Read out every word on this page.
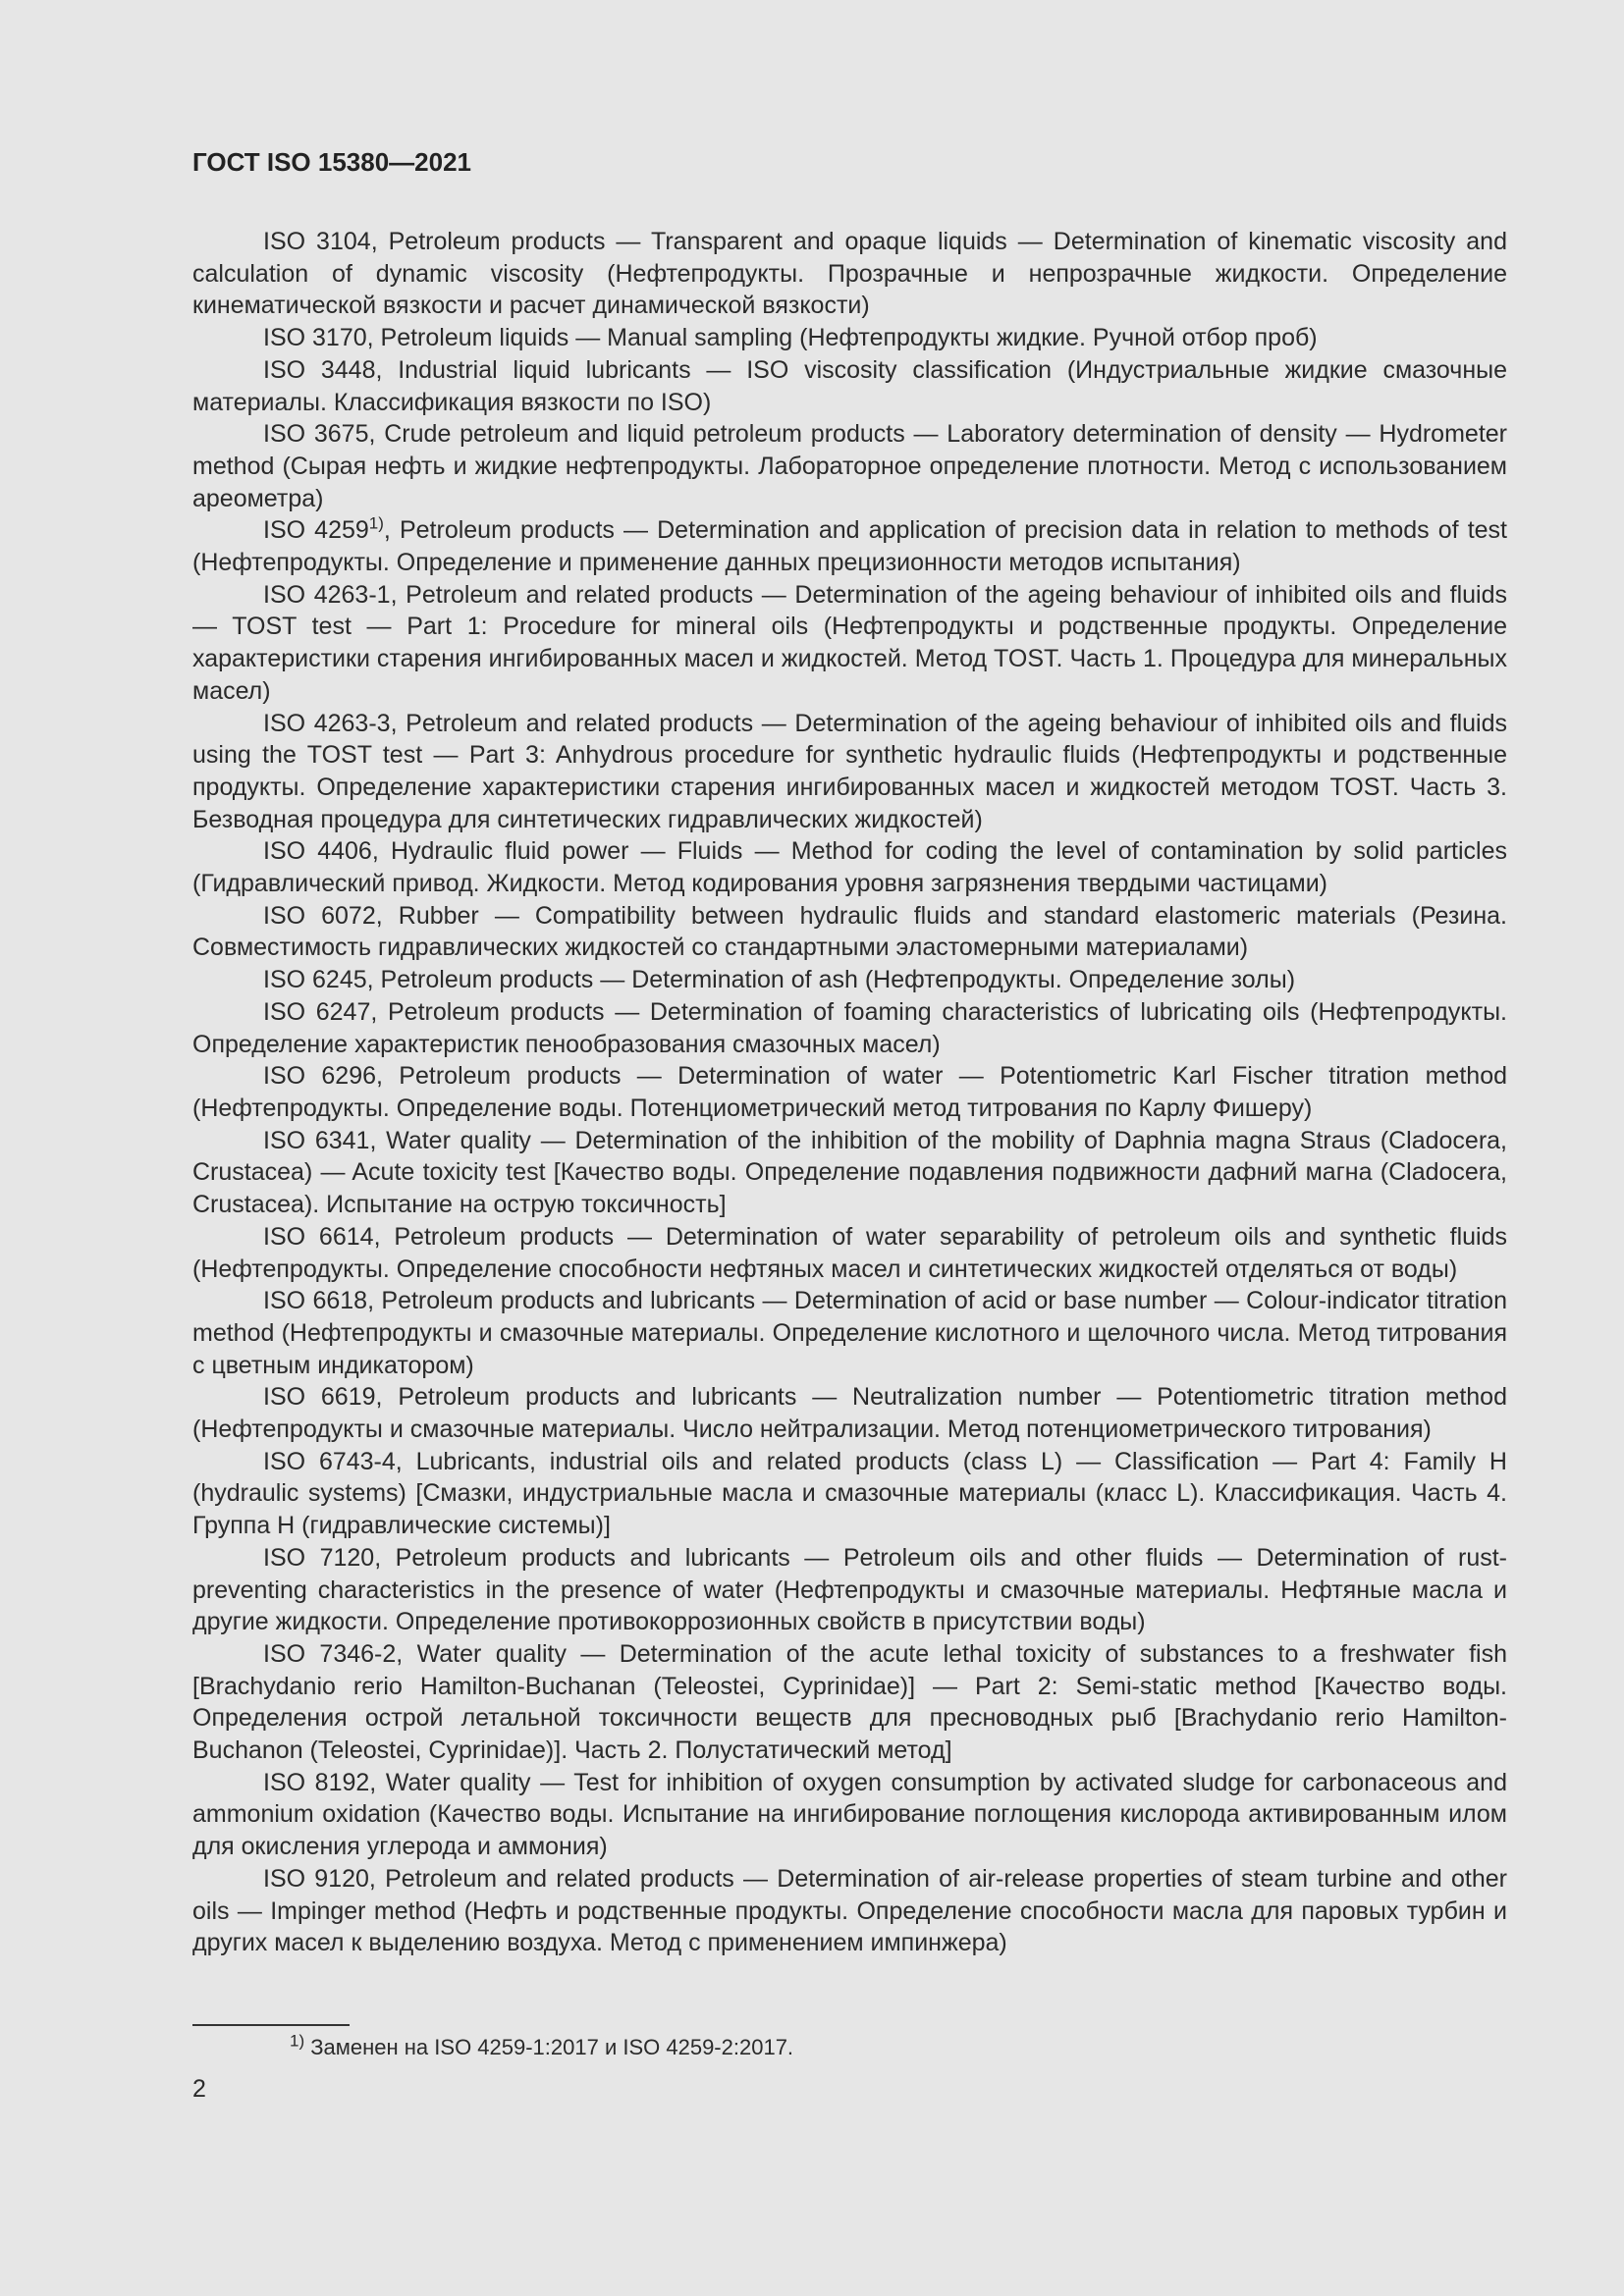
ГОСТ ISO 15380—2021

ISO 3104, Petroleum products — Transparent and opaque liquids — Determination of kinematic viscosity and calculation of dynamic viscosity (Нефтепродукты. Прозрачные и непрозрачные жидкости. Определение кинематической вязкости и расчет динамической вязкости)

ISO 3170, Petroleum liquids — Manual sampling (Нефтепродукты жидкие. Ручной отбор проб)

ISO 3448, Industrial liquid lubricants — ISO viscosity classification (Индустриальные жидкие смазочные материалы. Классификация вязкости по ISO)

ISO 3675, Crude petroleum and liquid petroleum products — Laboratory determination of density — Hydrometer method (Сырая нефть и жидкие нефтепродукты. Лабораторное определение плотности. Метод с использованием ареометра)

ISO 4259$^{1)}$, Petroleum products — Determination and application of precision data in relation to methods of test (Нефтепродукты. Определение и применение данных прецизионности методов испытания)

ISO 4263-1, Petroleum and related products — Determination of the ageing behaviour of inhibited oils and fluids — TOST test — Part 1: Procedure for mineral oils (Нефтепродукты и родственные продукты. Определение характеристики старения ингибированных масел и жидкостей. Метод TOST. Часть 1. Процедура для минеральных масел)

ISO 4263-3, Petroleum and related products — Determination of the ageing behaviour of inhibited oils and fluids using the TOST test — Part 3: Anhydrous procedure for synthetic hydraulic fluids (Нефтепродукты и родственные продукты. Определение характеристики старения ингибированных масел и жидкостей методом TOST. Часть 3. Безводная процедура для синтетических гидравлических жидкостей)

ISO 4406, Hydraulic fluid power — Fluids — Method for coding the level of contamination by solid particles (Гидравлический привод. Жидкости. Метод кодирования уровня загрязнения твердыми частицами)

ISO 6072, Rubber — Compatibility between hydraulic fluids and standard elastomeric materials (Резина. Совместимость гидравлических жидкостей со стандартными эластомерными материалами)

ISO 6245, Petroleum products — Determination of ash (Нефтепродукты. Определение золы)

ISO 6247, Petroleum products — Determination of foaming characteristics of lubricating oils (Нефтепродукты. Определение характеристик пенообразования смазочных масел)

ISO 6296, Petroleum products — Determination of water — Potentiometric Karl Fischer titration method (Нефтепродукты. Определение воды. Потенциометрический метод титрования по Карлу Фишеру)

ISO 6341, Water quality — Determination of the inhibition of the mobility of Daphnia magna Straus (Cladocera, Crustacea) — Acute toxicity test [Качество воды. Определение подавления подвижности дафний магна (Cladocera, Crustacea). Испытание на острую токсичность]

ISO 6614, Petroleum products — Determination of water separability of petroleum oils and synthetic fluids (Нефтепродукты. Определение способности нефтяных масел и синтетических жидкостей отделяться от воды)

ISO 6618, Petroleum products and lubricants — Determination of acid or base number — Colour-indicator titration method (Нефтепродукты и смазочные материалы. Определение кислотного и щелочного числа. Метод титрования с цветным индикатором)

ISO 6619, Petroleum products and lubricants — Neutralization number — Potentiometric titration method (Нефтепродукты и смазочные материалы. Число нейтрализации. Метод потенциометрического титрования)

ISO 6743-4, Lubricants, industrial oils and related products (class L) — Classification — Part 4: Family H (hydraulic systems) [Смазки, индустриальные масла и смазочные материалы (класс L). Классификация. Часть 4. Группа H (гидравлические системы)]

ISO 7120, Petroleum products and lubricants — Petroleum oils and other fluids — Determination of rust-preventing characteristics in the presence of water (Нефтепродукты и смазочные материалы. Нефтяные масла и другие жидкости. Определение противокоррозионных свойств в присутствии воды)

ISO 7346-2, Water quality — Determination of the acute lethal toxicity of substances to a freshwater fish [Brachydanio rerio Hamilton-Buchanan (Teleostei, Cyprinidae)] — Part 2: Semi-static method [Качество воды. Определения острой летальной токсичности веществ для пресноводных рыб [Brachydanio rerio Hamilton-Buchanon (Teleostei, Cyprinidae)]. Часть 2. Полустатический метод]

ISO 8192, Water quality — Test for inhibition of oxygen consumption by activated sludge for carbonaceous and ammonium oxidation (Качество воды. Испытание на ингибирование поглощения кислорода активированным илом для окисления углерода и аммония)

ISO 9120, Petroleum and related products — Determination of air-release properties of steam turbine and other oils — Impinger method (Нефть и родственные продукты. Определение способности масла для паровых турбин и других масел к выделению воздуха. Метод с применением импинжера)

$^{1)}$ Заменен на ISO 4259-1:2017 и ISO 4259-2:2017.
2
